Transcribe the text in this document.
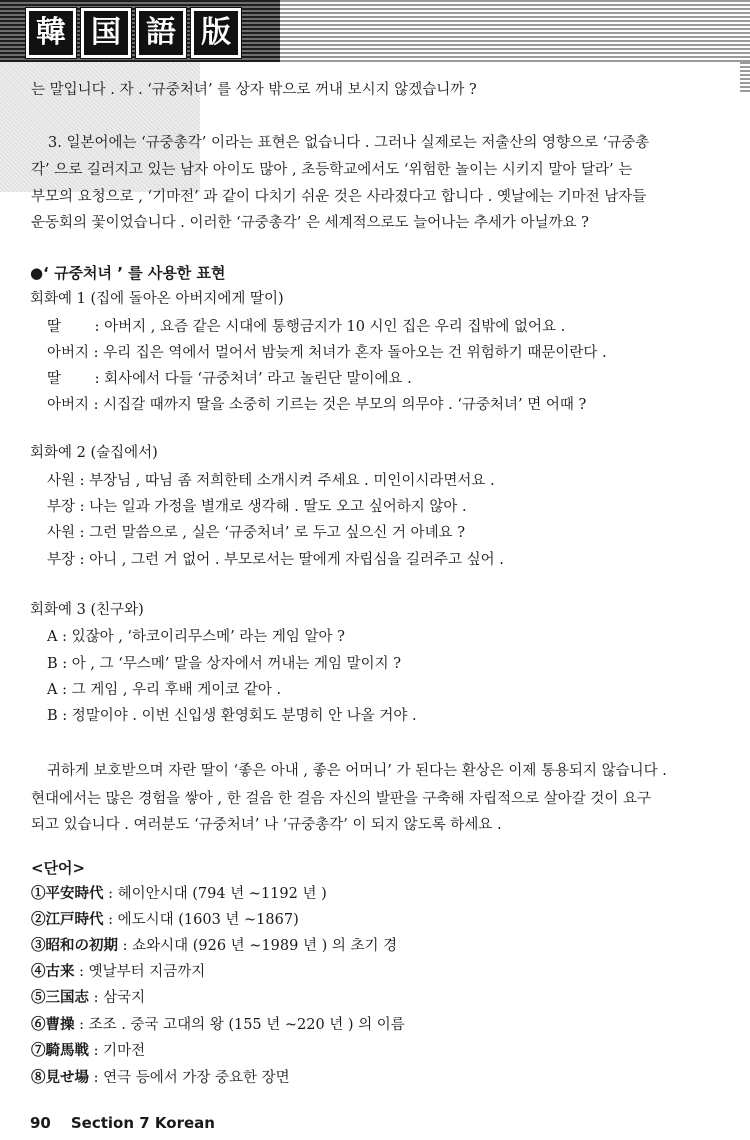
韓 国 語 版
는 말입니다 . 자 . ‘규중처녀’ 를 상자 밖으로 꺼내 보시지 않겠습니까 ?
3. 일본어에는 ‘규중총각’ 이라는 표현은 없습니다 . 그러나 실제로는 저출산의 영향으로 ‘규중총
각’ 으로 길러지고 있는 남자 아이도 많아 , 초등학교에서도 ‘위험한 놀이는 시키지 말아 달라’ 는
부모의 요청으로 , ‘기마전’ 과 같이 다치기 쉬운 것은 사라졌다고 합니다 . 옛날에는 기마전 남자들
운동회의 꽃이었습니다 . 이러한 ‘규중총각’ 은 세계적으로도 늘어나는 추세가 아닐까요 ?
●‘ 규중처녀 ’ 를 사용한 표현
회화예 1 (집에 돌아온 아버지에게 딸이)
딸　　 : 아버지 , 요즘 같은 시대에 통행금지가 10 시인 집은 우리 집밖에 없어요 .
아버지 : 우리 집은 역에서 멀어서 밤늦게 처녀가 혼자 돌아오는 건 위험하기 때문이란다 .
딸　　 : 회사에서 다들 ‘규중처녀’ 라고 놀린단 말이에요 .
아버지 : 시집갈 때까지 딸을 소중히 기르는 것은 부모의 의무야 . ‘규중처녀’ 면 어때 ?
회화예 2 (술집에서)
사원 : 부장님 , 따님 좀 저희한테 소개시켜 주세요 . 미인이시라면서요 .
부장 : 나는 일과 가정을 별개로 생각해 . 딸도 오고 싶어하지 않아 .
사원 : 그런 말씀으로 , 실은 ‘규중처녀’ 로 두고 싶으신 거 아녜요 ?
부장 : 아니 , 그런 거 없어 . 부모로서는 딸에게 자립심을 길러주고 싶어 .
회화예 3 (친구와)
A : 있잖아 , ‘하코이리무스메’ 라는 게임 알아 ?
B : 아 , 그 ‘무스메’ 말을 상자에서 꺼내는 게임 말이지 ?
A : 그 게임 , 우리 후배 게이코 같아 .
B : 정말이야 . 이번 신입생 환영회도 분명히 안 나올 거야 .
귀하게 보호받으며 자란 딸이 ‘좋은 아내 , 좋은 어머니’ 가 된다는 환상은 이제 통용되지 않습니다 .
현대에서는 많은 경험을 쌓아 , 한 걸음 한 걸음 자신의 발판을 구축해 자립적으로 살아갈 것이 요구
되고 있습니다 . 여러분도 ‘규중처녀’ 나 ‘규중총각’ 이 되지 않도록 하세요 .
<단어>
①平安時代 : 헤이안시대 (794 년 ~1192 년 )
②江戸時代 : 에도시대 (1603 년 ~1867)
③昭和の初期 : 쇼와시대 (926 년 ~1989 년 ) 의 초기 경
④古来 : 옛날부터 지금까지
⑤三国志 : 삼국지
⑥曹操 : 조조 . 중국 고대의 왕 (155 년 ~220 년 ) 의 이름
⑦騎馬戦 : 기마전
⑧見せ場 : 연극 등에서 가장 중요한 장면
90 Section 7 Korean
